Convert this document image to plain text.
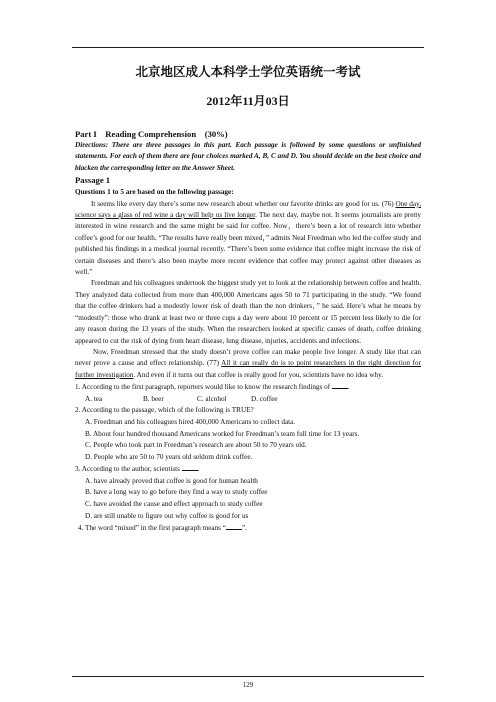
北京地区成人本科学士学位英语统一考试
2012年11月03日
Part I    Reading Comprehension    (30%)
Directions: There are three passages in this part. Each passage is followed by some questions or unfinished statements. For each of them there are four choices marked A, B, C and D. You should decide on the best choice and blacken the corresponding letter on the Answer Sheet.
Passage 1
Questions 1 to 5 are based on the following passage:

It seems like every day there’s some new research about whether our favorite drinks are good for us. (76) One day, science says a glass of red wine a day will help us live longer. The next day, maybe not. It seems journalists are pretty interested in wine research and the same might be said for coffee. Now，there’s been a lot of research into whether coffee’s good for our health. “The results have really been mixed，” admits Neal Freedman who led the coffee study and published his findings in a medical journal recently. “There’s been some evidence that coffee might increase the risk of certain diseases and there’s also been maybe more recent evidence that coffee may protect against other diseases as well.”

Freedman and his colleagues undertook the biggest study yet to look at the relationship between coffee and health. They analyzed data collected from more than 400,000 Americans ages 50 to 71 participating in the study. “We found that the coffee drinkers had a modestly lower risk of death than the non drinkers，” he said. Here’s what he means by “modestly”: those who drank at least two or three cups a day were about 10 percent or 15 percent less likely to die for any reason during the 13 years of the study. When the researchers looked at specific causes of death, coffee drinking appeared to cut the risk of dying from heart disease, lung disease, injuries, accidents and infections.

Now, Freedman stressed that the study doesn’t prove coffee can make people live longer. A study like that can never prove a cause and effect relationship. (77) All it can really do is to point researchers in the right direction for further investigation. And even if it turns out that coffee is really good for you, scientists have no idea why.

1. According to the first paragraph, reporters would like to know the research findings of .
A. tea	B. beer	C. alcohol	D. coffee
2. According to the passage, which of the following is TRUE?
A. Freedman and his colleagues hired 400,000 Americans to collect data.
B. About four hundred thousand Americans worked for Freedman’s team full time for 13 years.
C. People who took part in Freedman’s research are about 50 to 70 years old.
D. People who are 50 to 70 years old seldom drink coffee.
3. According to the author, scientists .
A. have already proved that coffee is good for human health
B. have a long way to go before they find a way to study coffee
C. have avoided the cause and effect approach to study coffee
D. are still unable to figure out why coffee is good for us
4. The word “mixed” in the first paragraph means “ ”.
129
